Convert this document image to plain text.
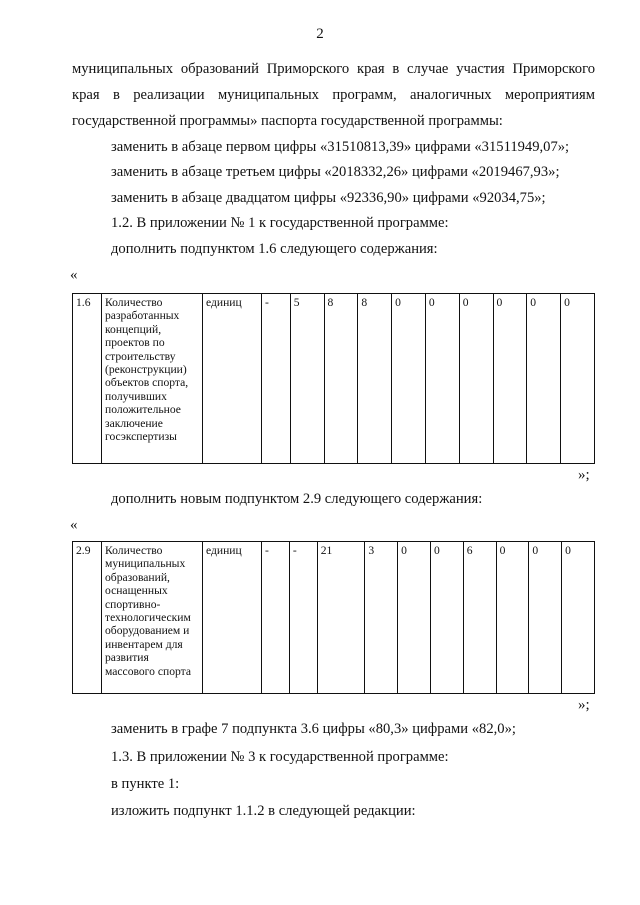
2
муниципальных образований Приморского края в случае участия Приморского
края в реализации муниципальных программ, аналогичных мероприятиям
государственной программы» паспорта государственной программы:
заменить в абзаце первом цифры «31510813,39» цифрами «31511949,07»;
заменить в абзаце третьем цифры «2018332,26» цифрами «2019467,93»;
заменить в абзаце двадцатом цифры «92336,90» цифрами «92034,75»;
1.2. В приложении № 1 к государственной программе:
дополнить подпунктом 1.6 следующего содержания:
«
1.6	Количество разработанных концепций, проектов по строительству (реконструкции) объектов спорта, получивших положительное заключение госэкспертизы	единиц	-	5	8	8	0	0	0	0	0	0
»;
дополнить новым подпунктом 2.9 следующего содержания:
«
2.9	Количество муниципальных образований, оснащенных спортивно-технологическим оборудованием и инвентарем для развития массового спорта	единиц	-	-	21	3	0	0	6	0	0	0
»;
заменить в графе 7 подпункта 3.6 цифры «80,3» цифрами «82,0»;
1.3. В приложении № 3 к государственной программе:
в пункте 1:
изложить подпункт 1.1.2 в следующей редакции:
